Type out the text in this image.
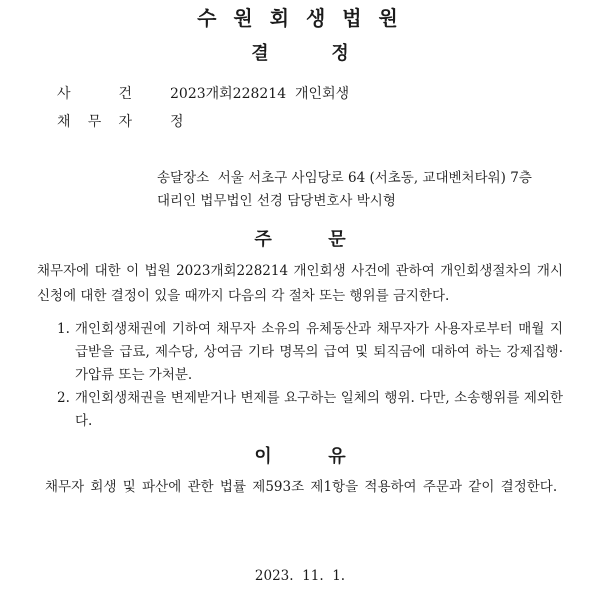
수 원 회 생 법 원
결          정
사 건	2023개회228214  개인회생
채 무 자	정
송달장소  서울 서초구 사임당로 64 (서초동, 교대벤처타워) 7층
대리인 법무법인 선경 담당변호사 박시형
주         문
채무자에 대한 이 법원 2023개회228214 개인회생 사건에 관하여 개인회생절차의 개시 신청에 대한 결정이 있을 때까지 다음의 각 절차 또는 행위를 금지한다.
1. 개인회생채권에 기하여 채무자 소유의 유체동산과 채무자가 사용자로부터 매월 지급받을 급료, 제수당, 상여금 기타 명목의 급여 및 퇴직금에 대하여 하는 강제집행·가압류 또는 가처분.
2. 개인회생채권을 변제받거나 변제를 요구하는 일체의 행위. 다만, 소송행위를 제외한다.
이         유
채무자 회생 및 파산에 관한 법률 제593조 제1항을 적용하여 주문과 같이 결정한다.
2023.  11.  1.
